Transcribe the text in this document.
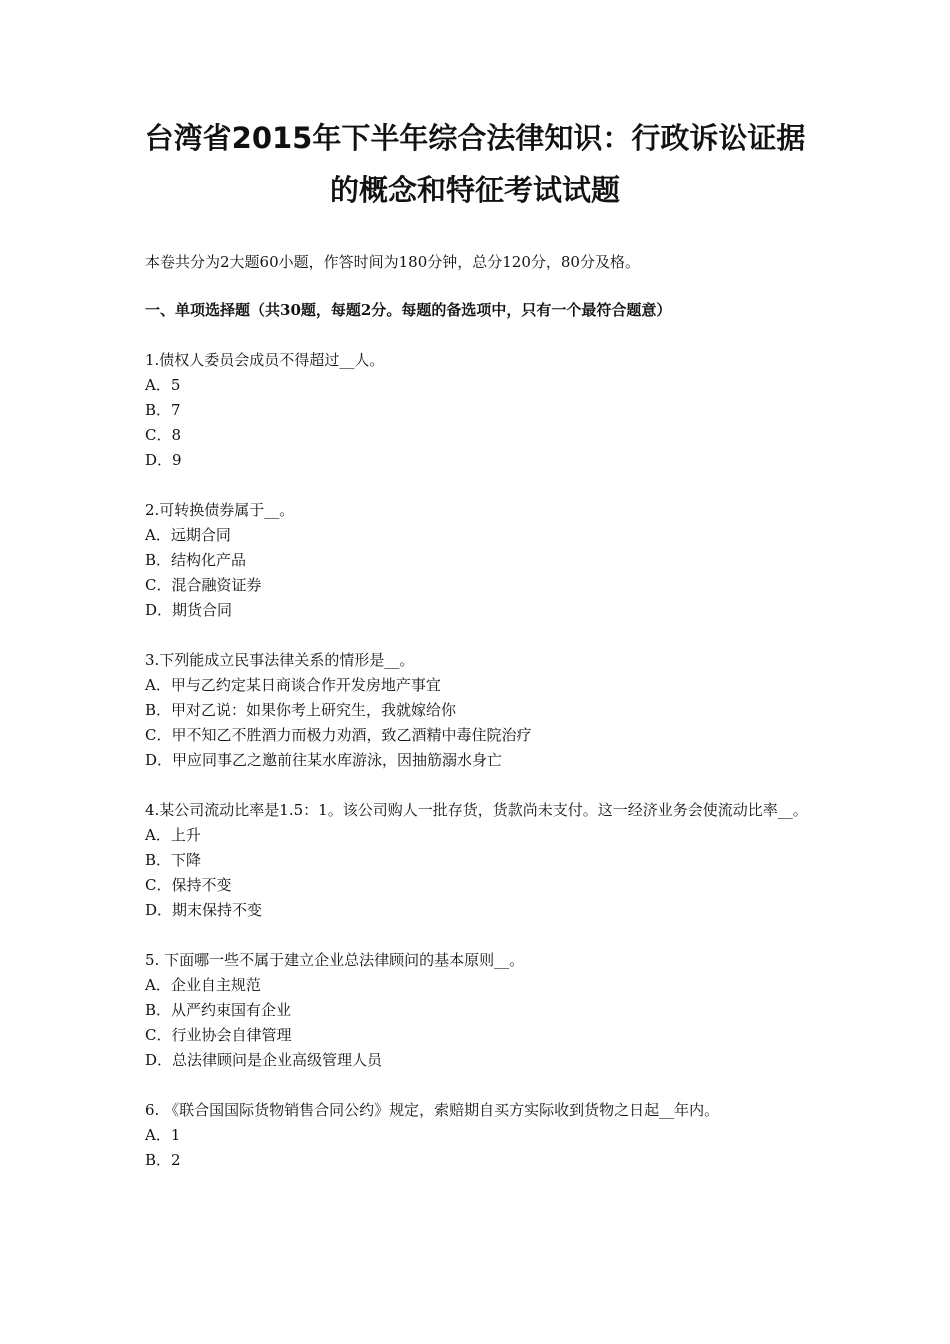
台湾省2015年下半年综合法律知识：行政诉讼证据
的概念和特征考试试题
本卷共分为2大题60小题，作答时间为180分钟，总分120分，80分及格。
一、单项选择题（共30题，每题2分。每题的备选项中，只有一个最符合题意）
1.债权人委员会成员不得超过__人。
A．5
B．7
C．8
D．9
2.可转换债券属于__。
A．远期合同
B．结构化产品
C．混合融资证券
D．期货合同
3.下列能成立民事法律关系的情形是__。
A．甲与乙约定某日商谈合作开发房地产事宜
B．甲对乙说：如果你考上研究生，我就嫁给你
C．甲不知乙不胜酒力而极力劝酒，致乙酒精中毒住院治疗
D．甲应同事乙之邀前往某水库游泳，因抽筋溺水身亡
4.某公司流动比率是1.5：1。该公司购人一批存货，货款尚未支付。这一经济业务会使流动比率__。
A．上升
B．下降
C．保持不变
D．期末保持不变
5. 下面哪一些不属于建立企业总法律顾问的基本原则__。
A．企业自主规范
B．从严约束国有企业
C．行业协会自律管理
D．总法律顾问是企业高级管理人员
6. 《联合国国际货物销售合同公约》规定，索赔期自买方实际收到货物之日起__年内。
A．1
B．2
